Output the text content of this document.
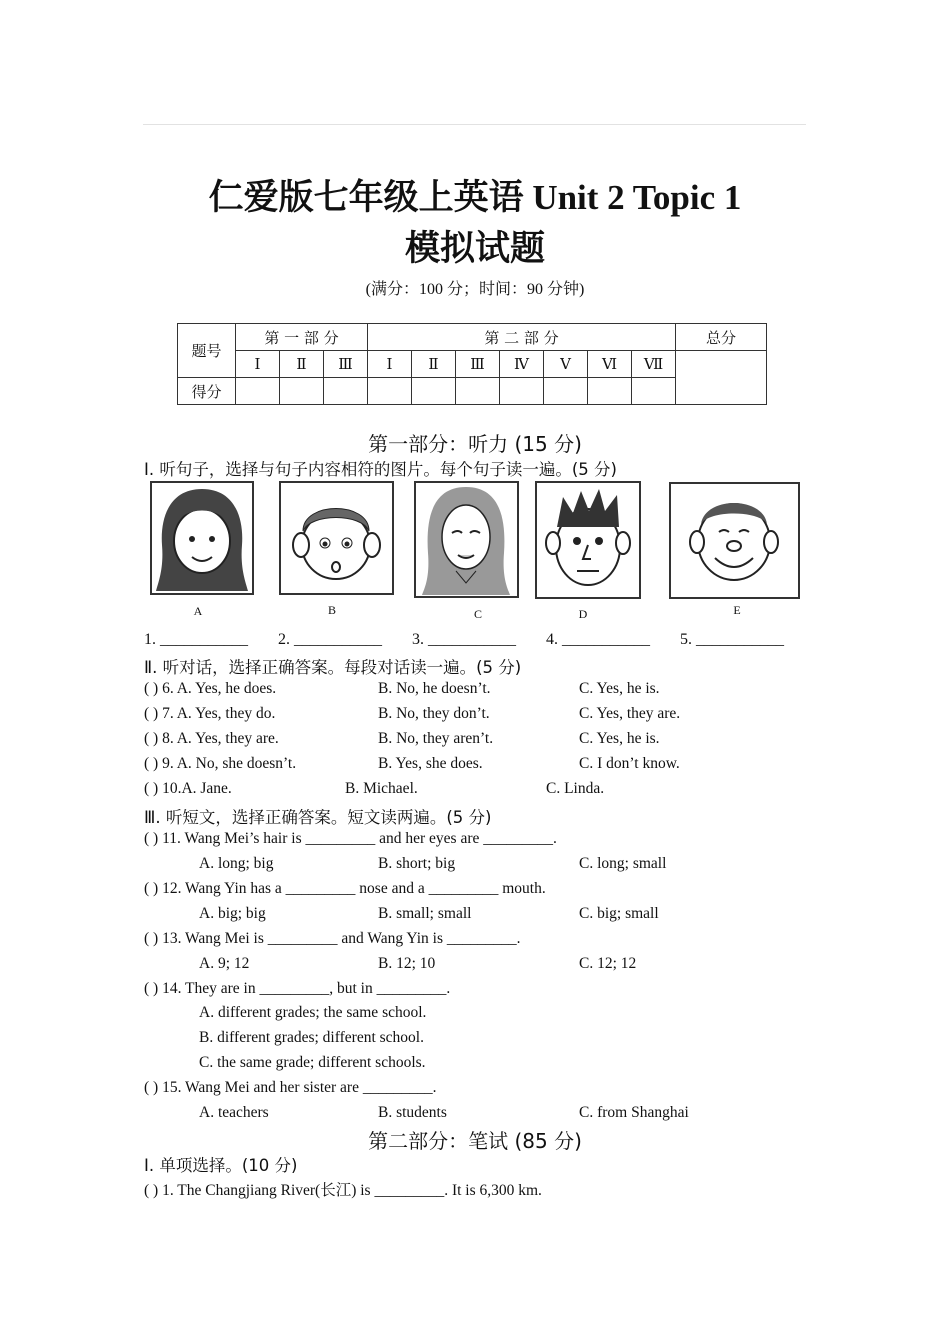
仁爱版七年级上英语 Unit 2 Topic 1
模拟试题
(满分：100 分；时间：90 分钟)
题号	第 一 部 分			第 二 部 分							总分
	Ⅰ	Ⅱ	Ⅲ	Ⅰ	Ⅱ	Ⅲ	Ⅳ	Ⅴ	Ⅵ	Ⅶ	
得分											
第一部分：听力 (15 分)
Ⅰ. 听句子，选择与句子内容相符的图片。每个句子读一遍。(5 分)
A	B	C	D	E
1. ___________ 2. ___________ 3. ___________ 4. ___________ 5. ___________
Ⅱ. 听对话，选择正确答案。每段对话读一遍。(5 分)
( ) 6. A. Yes, he does.	B. No, he doesn’t.	C. Yes, he is.
( ) 7. A. Yes, they do.	B. No, they don’t.	C. Yes, they are.
( ) 8. A. Yes, they are.	B. No, they aren’t.	C. Yes, he is.
( ) 9. A. No, she doesn’t.	B. Yes, she does.	C. I don’t know.
( ) 10.A. Jane.	B. Michael.	C. Linda.
Ⅲ. 听短文，选择正确答案。短文读两遍。(5 分)
( ) 11. Wang Mei’s hair is _________ and her eyes are _________.
A. long; big	B. short; big	C. long; small
( ) 12. Wang Yin has a _________ nose and a _________ mouth.
A. big; big	B. small; small	C. big; small
( ) 13. Wang Mei is _________ and Wang Yin is _________.
A. 9; 12	B. 12; 10	C. 12; 12
( ) 14. They are in _________, but in _________.
A. different grades; the same school.
B. different grades; different school.
C. the same grade; different schools.
( ) 15. Wang Mei and her sister are _________.
A. teachers	B. students	C. from Shanghai
第二部分：笔试 (85 分)
Ⅰ. 单项选择。(10 分)
( ) 1. The Changjiang River(长江) is _________. It is 6,300 km.
